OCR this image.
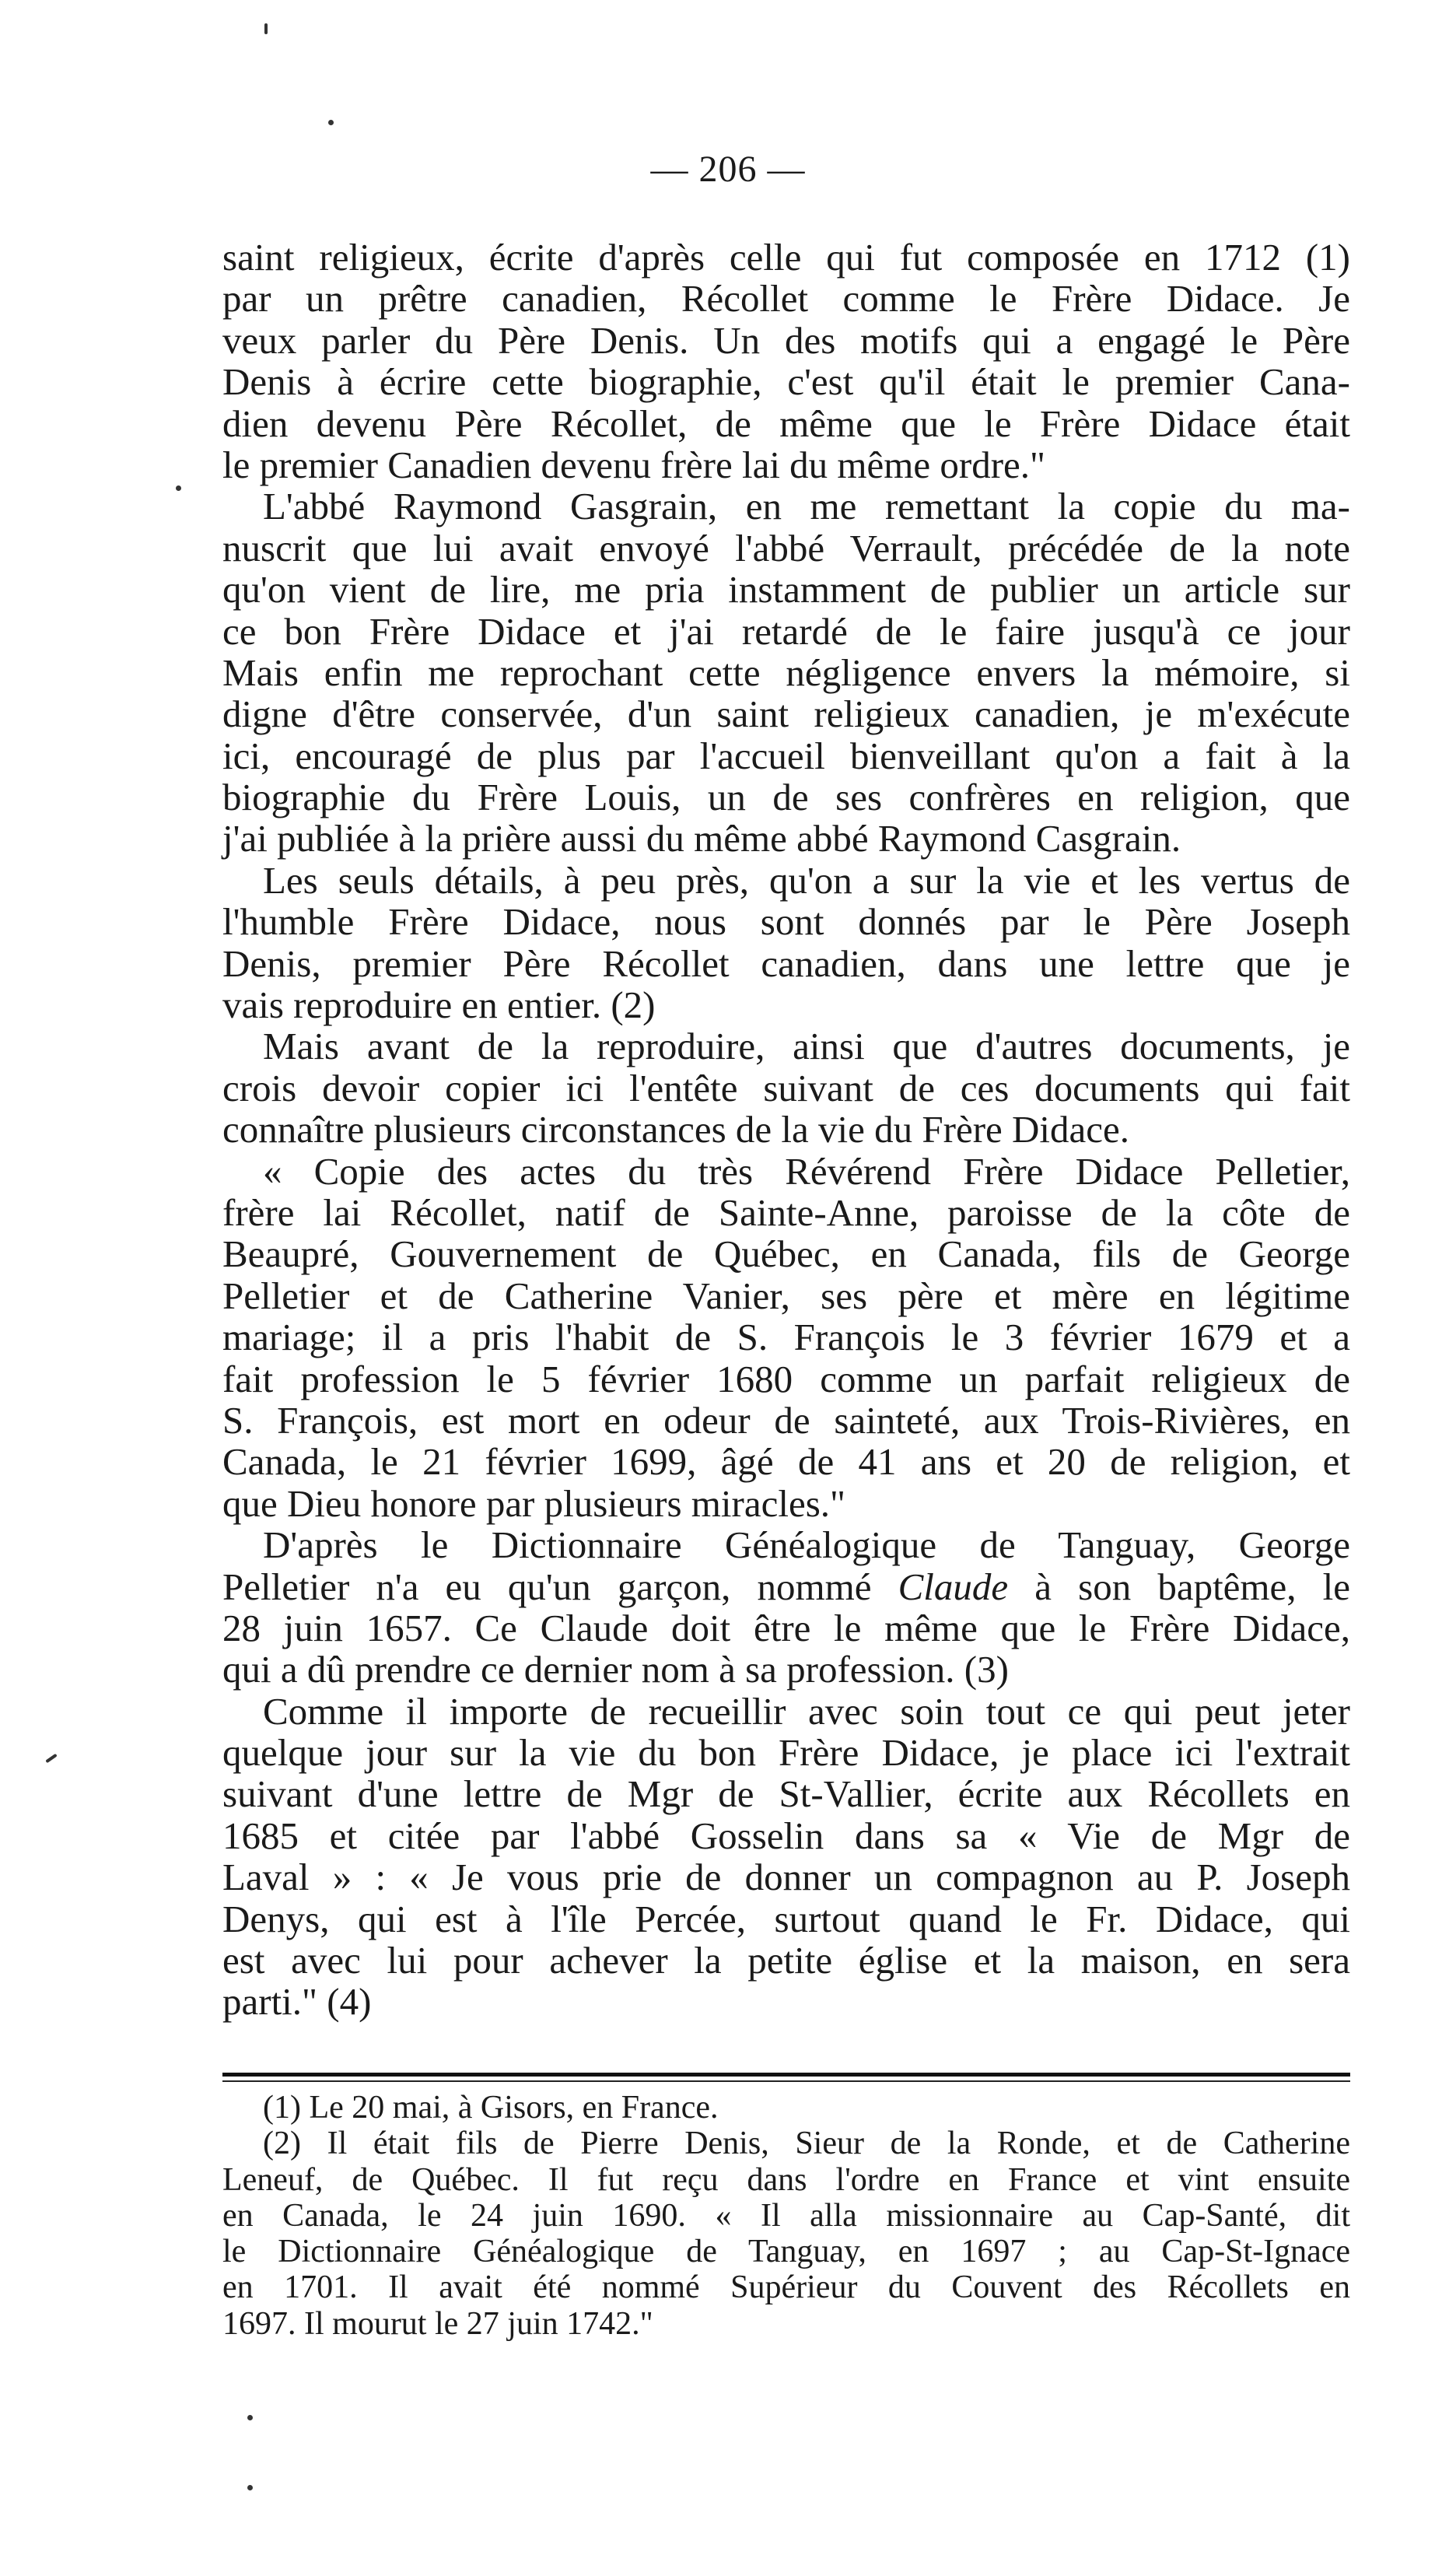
— 206 —
saint religieux, écrite d'après celle qui fut composée en 1712 (1)
par un prêtre canadien, Récollet comme le Frère Didace. Je
veux parler du Père Denis. Un des motifs qui a engagé le Père
Denis à écrire cette biographie, c'est qu'il était le premier Cana-
dien devenu Père Récollet, de même que le Frère Didace était
le premier Canadien devenu frère lai du même ordre."
L'abbé Raymond Gasgrain, en me remettant la copie du ma-
nuscrit que lui avait envoyé l'abbé Verrault, précédée de la note
qu'on vient de lire, me pria instamment de publier un article sur
ce bon Frère Didace et j'ai retardé de le faire jusqu'à ce jour
Mais enfin me reprochant cette négligence envers la mémoire, si
digne d'être conservée, d'un saint religieux canadien, je m'exécute
ici, encouragé de plus par l'accueil bienveillant qu'on a fait à la
biographie du Frère Louis, un de ses confrères en religion, que
j'ai publiée à la prière aussi du même abbé Raymond Casgrain.
Les seuls détails, à peu près, qu'on a sur la vie et les vertus de
l'humble Frère Didace, nous sont donnés par le Père Joseph
Denis, premier Père Récollet canadien, dans une lettre que je
vais reproduire en entier. (2)
Mais avant de la reproduire, ainsi que d'autres documents, je
crois devoir copier ici l'entête suivant de ces documents qui fait
connaître plusieurs circonstances de la vie du Frère Didace.
« Copie des actes du très Révérend Frère Didace Pelletier,
frère lai Récollet, natif de Sainte-Anne, paroisse de la côte de
Beaupré, Gouvernement de Québec, en Canada, fils de George
Pelletier et de Catherine Vanier, ses père et mère en légitime
mariage; il a pris l'habit de S. François le 3 février 1679 et a
fait profession le 5 février 1680 comme un parfait religieux de
S. François, est mort en odeur de sainteté, aux Trois-Rivières, en
Canada, le 21 février 1699, âgé de 41 ans et 20 de religion, et
que Dieu honore par plusieurs miracles."
D'après le Dictionnaire Généalogique de Tanguay, George
Pelletier n'a eu qu'un garçon, nommé Claude à son baptême, le
28 juin 1657. Ce Claude doit être le même que le Frère Didace,
qui a dû prendre ce dernier nom à sa profession. (3)
Comme il importe de recueillir avec soin tout ce qui peut jeter
quelque jour sur la vie du bon Frère Didace, je place ici l'extrait
suivant d'une lettre de Mgr de St-Vallier, écrite aux Récollets en
1685 et citée par l'abbé Gosselin dans sa « Vie de Mgr de
Laval » : « Je vous prie de donner un compagnon au P. Joseph
Denys, qui est à l'île Percée, surtout quand le Fr. Didace, qui
est avec lui pour achever la petite église et la maison, en sera
parti." (4)
(1) Le 20 mai, à Gisors, en France.
(2) Il était fils de Pierre Denis, Sieur de la Ronde, et de Catherine
Leneuf, de Québec. Il fut reçu dans l'ordre en France et vint ensuite
en Canada, le 24 juin 1690. « Il alla missionnaire au Cap-Santé, dit
le Dictionnaire Généalogique de Tanguay, en 1697 ; au Cap-St-Ignace
en 1701. Il avait été nommé Supérieur du Couvent des Récollets en
1697. Il mourut le 27 juin 1742."
